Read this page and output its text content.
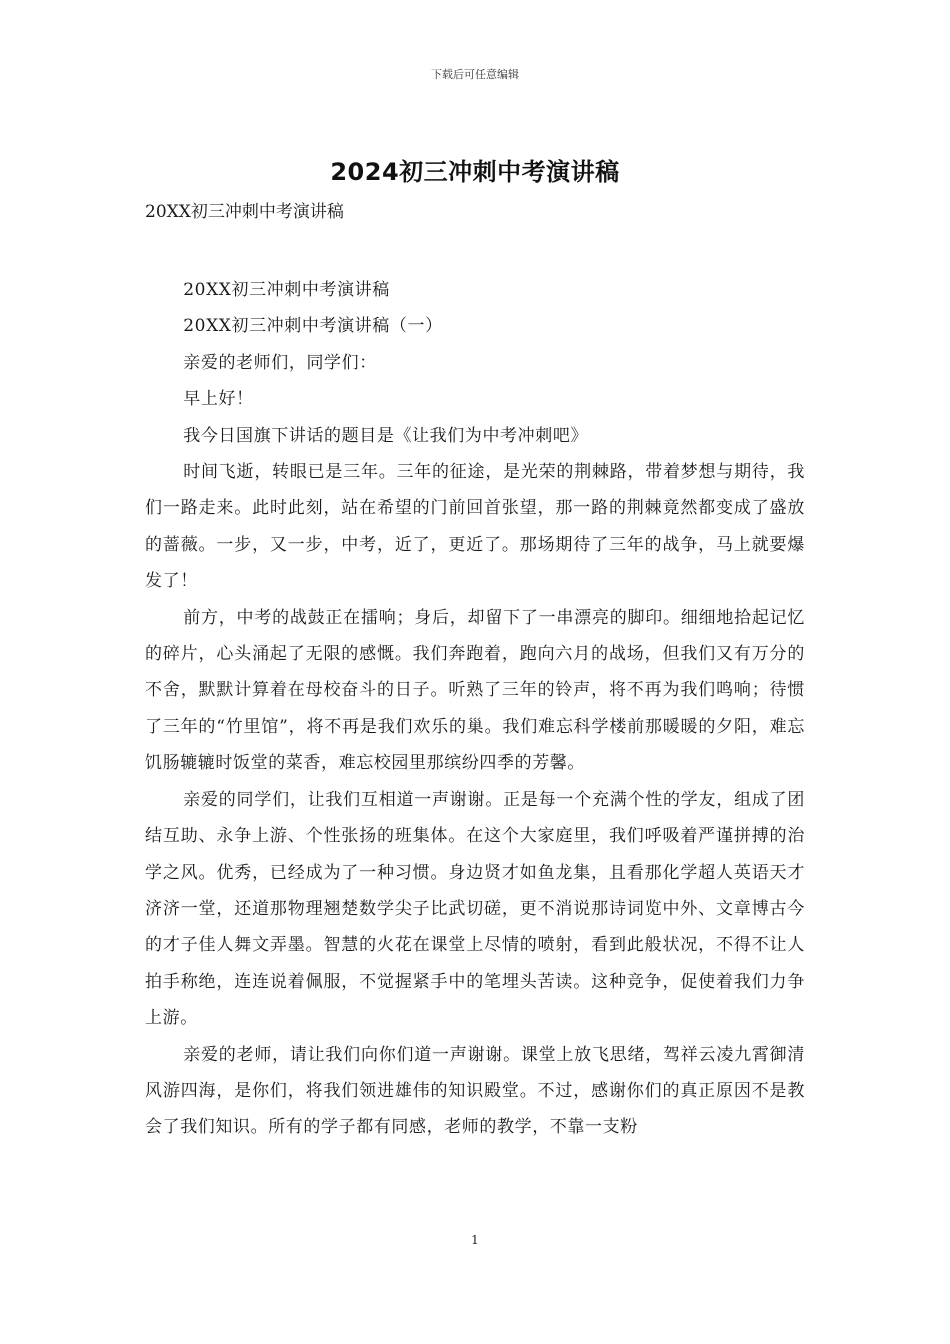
下载后可任意编辑
2024初三冲刺中考演讲稿
20XX初三冲刺中考演讲稿

20XX初三冲刺中考演讲稿

20XX初三冲刺中考演讲稿（一）

亲爱的老师们，同学们：

早上好！

我今日国旗下讲话的题目是《让我们为中考冲刺吧》

时间飞逝，转眼已是三年。三年的征途，是光荣的荆棘路，带着梦想与期待，我们一路走来。此时此刻，站在希望的门前回首张望，那一路的荆棘竟然都变成了盛放的蔷薇。一步，又一步，中考，近了，更近了。那场期待了三年的战争，马上就要爆发了！

前方，中考的战鼓正在擂响；身后，却留下了一串漂亮的脚印。细细地拾起记忆的碎片，心头涌起了无限的感慨。我们奔跑着，跑向六月的战场，但我们又有万分的不舍，默默计算着在母校奋斗的日子。听熟了三年的铃声，将不再为我们鸣响；待惯了三年的“竹里馆”，将不再是我们欢乐的巢。我们难忘科学楼前那暖暖的夕阳，难忘饥肠辘辘时饭堂的菜香，难忘校园里那缤纷四季的芳馨。

亲爱的同学们，让我们互相道一声谢谢。正是每一个充满个性的学友，组成了团结互助、永争上游、个性张扬的班集体。在这个大家庭里，我们呼吸着严谨拼搏的治学之风。优秀，已经成为了一种习惯。身边贤才如鱼龙集，且看那化学超人英语天才济济一堂，还道那物理翘楚数学尖子比武切磋，更不消说那诗词览中外、文章博古今的才子佳人舞文弄墨。智慧的火花在课堂上尽情的喷射，看到此般状况，不得不让人拍手称绝，连连说着佩服，不觉握紧手中的笔埋头苦读。这种竞争，促使着我们力争上游。

亲爱的老师，请让我们向你们道一声谢谢。课堂上放飞思绪，驾祥云凌九霄御清风游四海，是你们，将我们领进雄伟的知识殿堂。不过，感谢你们的真正原因不是教会了我们知识。所有的学子都有同感，老师的教学，不靠一支粉

1
